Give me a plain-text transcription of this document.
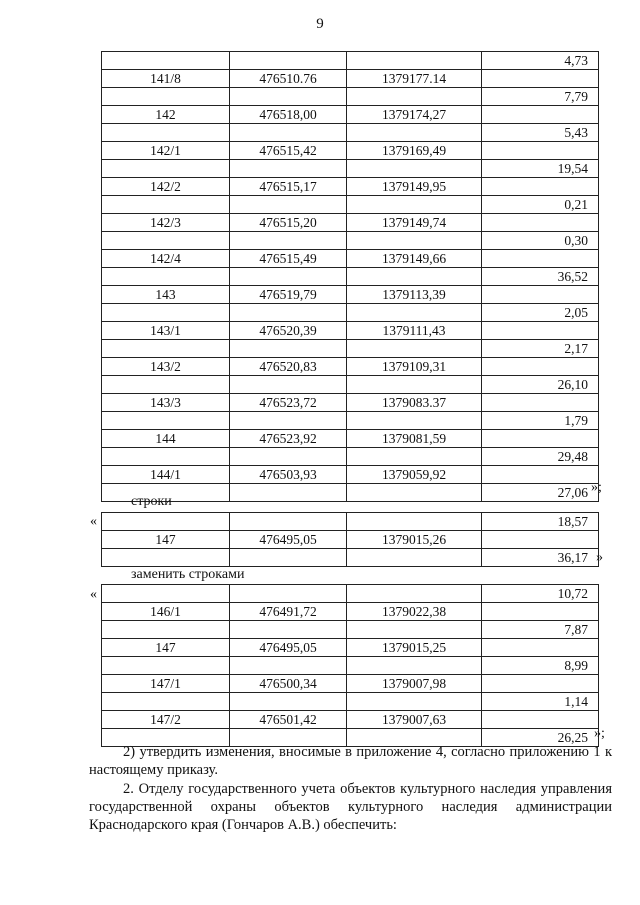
9
			4,73
141/8	476510.76	1379177.14	
			7,79
142	476518,00	1379174,27	
			5,43
142/1	476515,42	1379169,49	
			19,54
142/2	476515,17	1379149,95	
			0,21
142/3	476515,20	1379149,74	
			0,30
142/4	476515,49	1379149,66	
			36,52
143	476519,79	1379113,39	
			2,05
143/1	476520,39	1379111,43	
			2,17
143/2	476520,83	1379109,31	
			26,10
143/3	476523,72	1379083.37	
			1,79
144	476523,92	1379081,59	
			29,48
144/1	476503,93	1379059,92	
			27,06 »;
строки
«
				18,57
147	476495,05	1379015,26	
			36,17 »
заменить строками
«
				10,72
146/1	476491,72	1379022,38	
			7,87
147	476495,05	1379015,25	
			8,99
147/1	476500,34	1379007,98	
			1,14
147/2	476501,42	1379007,63	
			26,25 »;
2) утвердить изменения, вносимые в приложение 4, согласно приложению 1 к настоящему приказу.
2. Отделу государственного учета объектов культурного наследия управления государственной охраны объектов культурного наследия администрации Краснодарского края (Гончаров А.В.) обеспечить:
